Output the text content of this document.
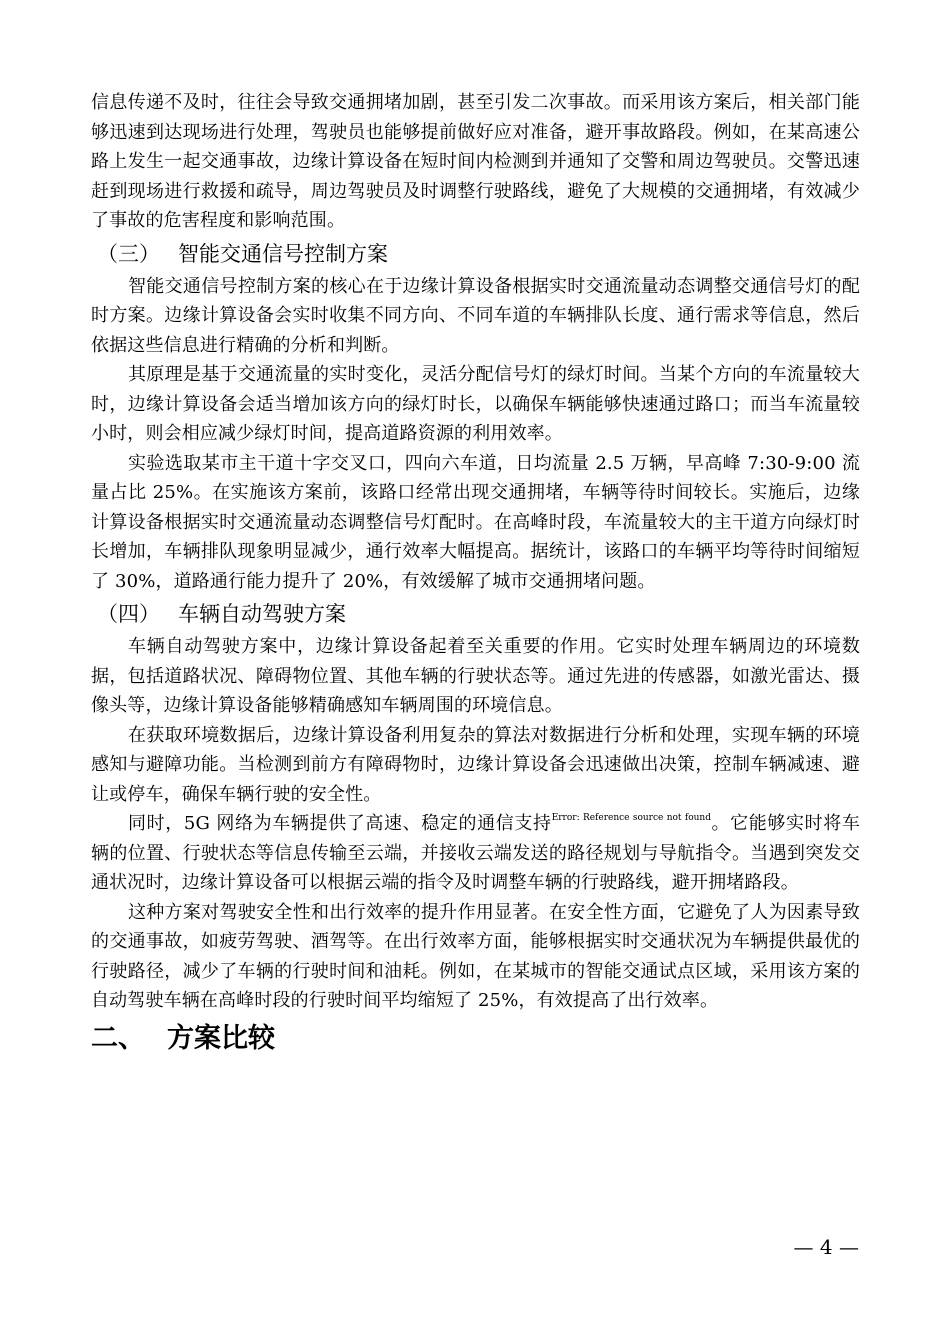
信息传递不及时，往往会导致交通拥堵加剧，甚至引发二次事故。而采用该方案后，相关部门能够迅速到达现场进行处理，驾驶员也能够提前做好应对准备，避开事故路段。例如，在某高速公路上发生一起交通事故，边缘计算设备在短时间内检测到并通知了交警和周边驾驶员。交警迅速赶到现场进行救援和疏导，周边驾驶员及时调整行驶路线，避免了大规模的交通拥堵，有效减少了事故的危害程度和影响范围。

（三） 智能交通信号控制方案

智能交通信号控制方案的核心在于边缘计算设备根据实时交通流量动态调整交通信号灯的配时方案。边缘计算设备会实时收集不同方向、不同车道的车辆排队长度、通行需求等信息，然后依据这些信息进行精确的分析和判断。

其原理是基于交通流量的实时变化，灵活分配信号灯的绿灯时间。当某个方向的车流量较大时，边缘计算设备会适当增加该方向的绿灯时长，以确保车辆能够快速通过路口；而当车流量较小时，则会相应减少绿灯时间，提高道路资源的利用效率。

实验选取某市主干道十字交叉口，四向六车道，日均流量 2.5 万辆，早高峰 7:30-9:00 流量占比 25%。在实施该方案前，该路口经常出现交通拥堵，车辆等待时间较长。实施后，边缘计算设备根据实时交通流量动态调整信号灯配时。在高峰时段，车流量较大的主干道方向绿灯时长增加，车辆排队现象明显减少，通行效率大幅提高。据统计，该路口的车辆平均等待时间缩短了 30%，道路通行能力提升了 20%，有效缓解了城市交通拥堵问题。

（四） 车辆自动驾驶方案

车辆自动驾驶方案中，边缘计算设备起着至关重要的作用。它实时处理车辆周边的环境数据，包括道路状况、障碍物位置、其他车辆的行驶状态等。通过先进的传感器，如激光雷达、摄像头等，边缘计算设备能够精确感知车辆周围的环境信息。

在获取环境数据后，边缘计算设备利用复杂的算法对数据进行分析和处理，实现车辆的环境感知与避障功能。当检测到前方有障碍物时，边缘计算设备会迅速做出决策，控制车辆减速、避让或停车，确保车辆行驶的安全性。

同时，5G 网络为车辆提供了高速、稳定的通信支持$^{Error: Reference source not found}$。它能够实时将车辆的位置、行驶状态等信息传输至云端，并接收云端发送的路径规划与导航指令。当遇到突发交通状况时，边缘计算设备可以根据云端的指令及时调整车辆的行驶路线，避开拥堵路段。

这种方案对驾驶安全性和出行效率的提升作用显著。在安全性方面，它避免了人为因素导致的交通事故，如疲劳驾驶、酒驾等。在出行效率方面，能够根据实时交通状况为车辆提供最优的行驶路径，减少了车辆的行驶时间和油耗。例如，在某城市的智能交通试点区域，采用该方案的自动驾驶车辆在高峰时段的行驶时间平均缩短了 25%，有效提高了出行效率。

二、 方案比较
— 4 —
